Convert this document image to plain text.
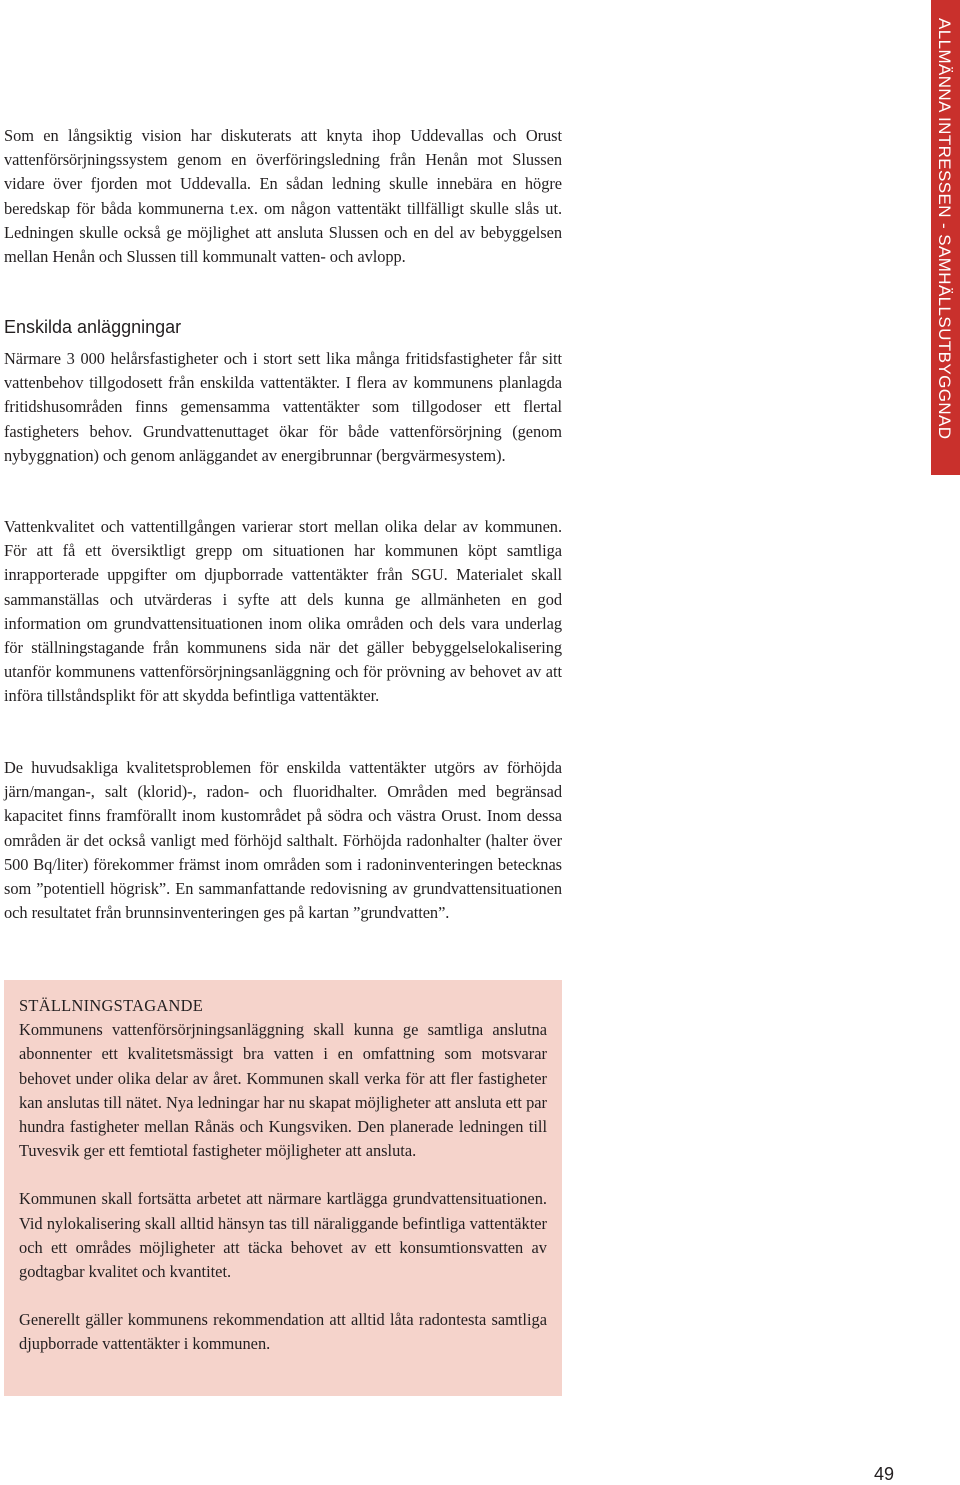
ALLMÄNNA INTRESSEN - SAMHÄLLSUTBYGGNAD

Som en långsiktig vision har diskuterats att knyta ihop Uddevallas och Orust vattenförsörjningssystem genom en överföringsledning från Henån mot Slussen vidare över fjorden mot Uddevalla. En sådan ledning skulle innebära en högre beredskap för båda kommunerna t.ex. om någon vattentäkt tillfälligt skulle slås ut. Ledningen skulle också ge möjlighet att ansluta Slussen och en del av bebyggelsen mellan Henån och Slussen till kommunalt vatten- och avlopp.

Enskilda anläggningar

Närmare 3 000 helårsfastigheter och i stort sett lika många fritidsfastigheter får sitt vattenbehov tillgodosett från enskilda vattentäkter. I flera av kommunens planlagda fritidshusområden finns gemensamma vattentäkter som tillgodoser ett flertal fastigheters behov. Grundvattenuttaget ökar för både vattenförsörjning (genom nybyggnation) och genom anläggandet av energibrunnar (bergvärmesystem).

Vattenkvalitet och vattentillgången varierar stort mellan olika delar av kommunen. För att få ett översiktligt grepp om situationen har kommunen köpt samtliga inrapporterade uppgifter om djupborrade vattentäkter från SGU. Materialet skall sammanställas och utvärderas i syfte att dels kunna ge allmänheten en god information om grundvattensituationen inom olika områden och dels vara underlag för ställningstagande från kommunens sida när det gäller bebyggelselokalisering utanför kommunens vattenförsörjningsanläggning och för prövning av behovet av att införa tillståndsplikt för att skydda befintliga vattentäkter.

De huvudsakliga kvalitetsproblemen för enskilda vattentäkter utgörs av förhöjda järn/mangan-, salt (klorid)-, radon- och fluoridhalter. Områden med begränsad kapacitet finns framförallt inom kustområdet på södra och västra Orust. Inom dessa områden är det också vanligt med förhöjd salthalt. Förhöjda radonhalter (halter över 500 Bq/liter) förekommer främst inom områden som i radoninventeringen betecknas som ”potentiell högrisk”. En sammanfattande redovisning av grundvattensituationen och resultatet från brunnsinventeringen ges på kartan ”grundvatten”.

STÄLLNINGSTAGANDE

Kommunens vattenförsörjningsanläggning skall kunna ge samtliga anslutna abonnenter ett kvalitetsmässigt bra vatten i en omfattning som motsvarar behovet under olika delar av året. Kommunen skall verka för att fler fastigheter kan anslutas till nätet. Nya ledningar har nu skapat möjligheter att ansluta ett par hundra fastigheter mellan Rånäs och Kungsviken. Den planerade ledningen till Tuvesvik ger ett femtiotal fastigheter möjligheter att ansluta.

Kommunen skall fortsätta arbetet att närmare kartlägga grundvattensituationen. Vid nylokalisering skall alltid hänsyn tas till näraliggande befintliga vattentäkter och ett områdes möjligheter att täcka behovet av ett konsumtionsvatten av godtagbar kvalitet och kvantitet.

Generellt gäller kommunens rekommendation att alltid låta radontesta samtliga djupborrade vattentäkter i kommunen.

49
